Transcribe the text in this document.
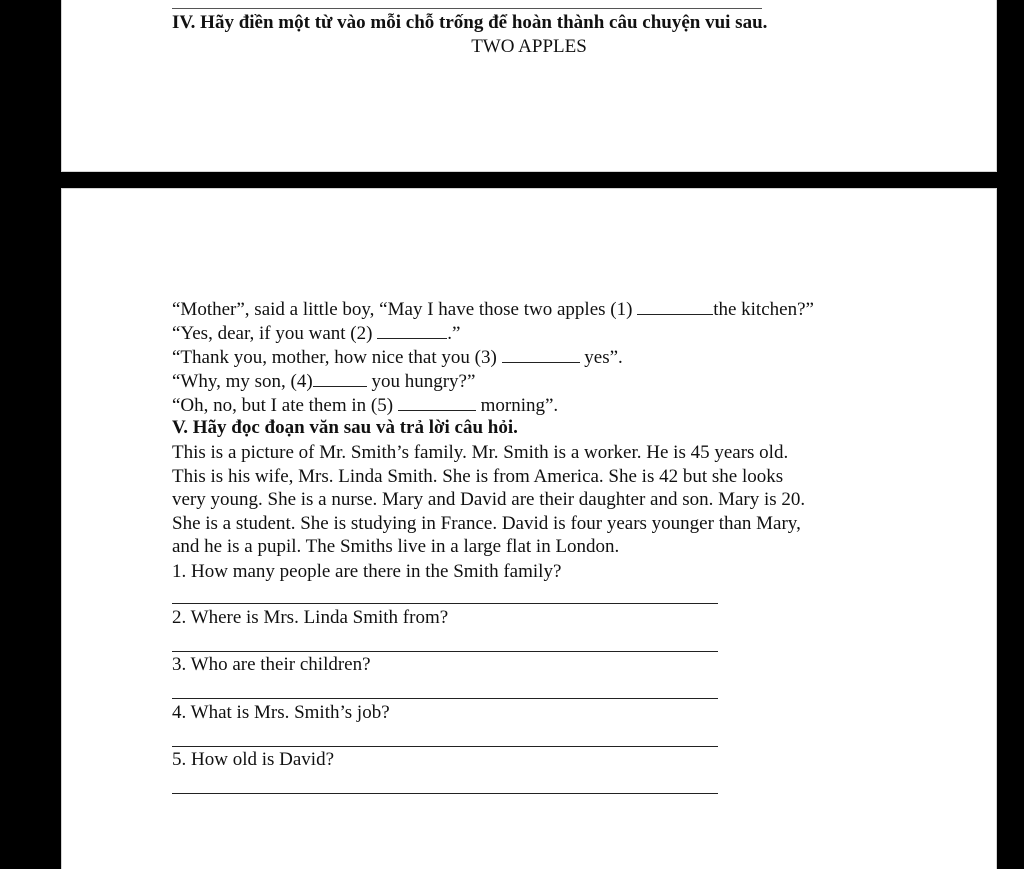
IV. Hãy điền một từ vào mỗi chỗ trống để hoàn thành câu chuyện vui sau.
TWO APPLES
“Mother”, said a little boy, “May I have those two apples (1)	the kitchen?”
“Yes, dear, if you want (2)	.”
“Thank you, mother, how nice that you (3)	yes”.
“Why, my son, (4)	you hungry?”
“Oh, no, but I ate them in (5)	morning”.
V. Hãy đọc đoạn văn sau và trả lời câu hỏi.
This is a picture of Mr. Smith’s family. Mr. Smith is a worker. He is 45 years old.
This is his wife, Mrs. Linda Smith. She is from America. She is 42 but she looks
very young. She is a nurse. Mary and David are their daughter and son. Mary is 20.
She is a student. She is studying in France. David is four years younger than Mary,
and he is a pupil. The Smiths live in a large flat in London.
1. How many people are there in the Smith family?
2. Where is Mrs. Linda Smith from?
3. Who are their children?
4. What is Mrs. Smith’s job?
5. How old is David?
